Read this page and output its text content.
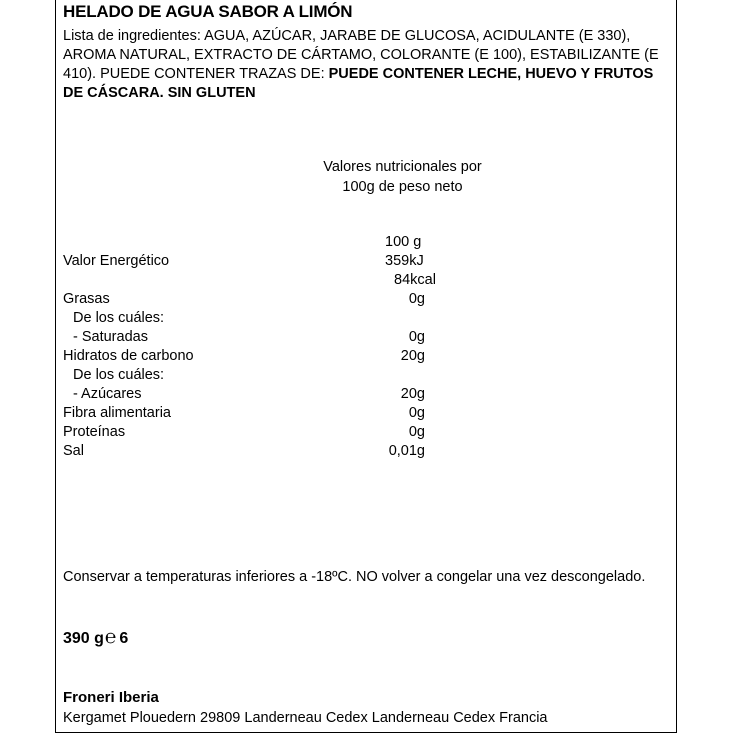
HELADO DE AGUA SABOR A LIMÓN
Lista de ingredientes: AGUA, AZÚCAR, JARABE DE GLUCOSA, ACIDULANTE (E 330), AROMA NATURAL, EXTRACTO DE CÁRTAMO, COLORANTE (E 100), ESTABILIZANTE (E 410). PUEDE CONTENER TRAZAS DE: PUEDE CONTENER LECHE, HUEVO Y FRUTOS DE CÁSCARA. SIN GLUTEN
Valores nutricionales por
100g de peso neto
100 g
Valor Energético	359kJ
84kcal
Grasas	0g
De los cuáles:
- Saturadas	0g
Hidratos de carbono	20g
De los cuáles:
- Azúcares	20g
Fibra alimentaria	0g
Proteínas	0g
Sal	0,01g
Conservar a temperaturas inferiores a -18ºC. NO volver a congelar una vez descongelado.
390 g℮ 6
Froneri Iberia
Kergamet Plouedern 29809 Landerneau Cedex Landerneau Cedex Francia
